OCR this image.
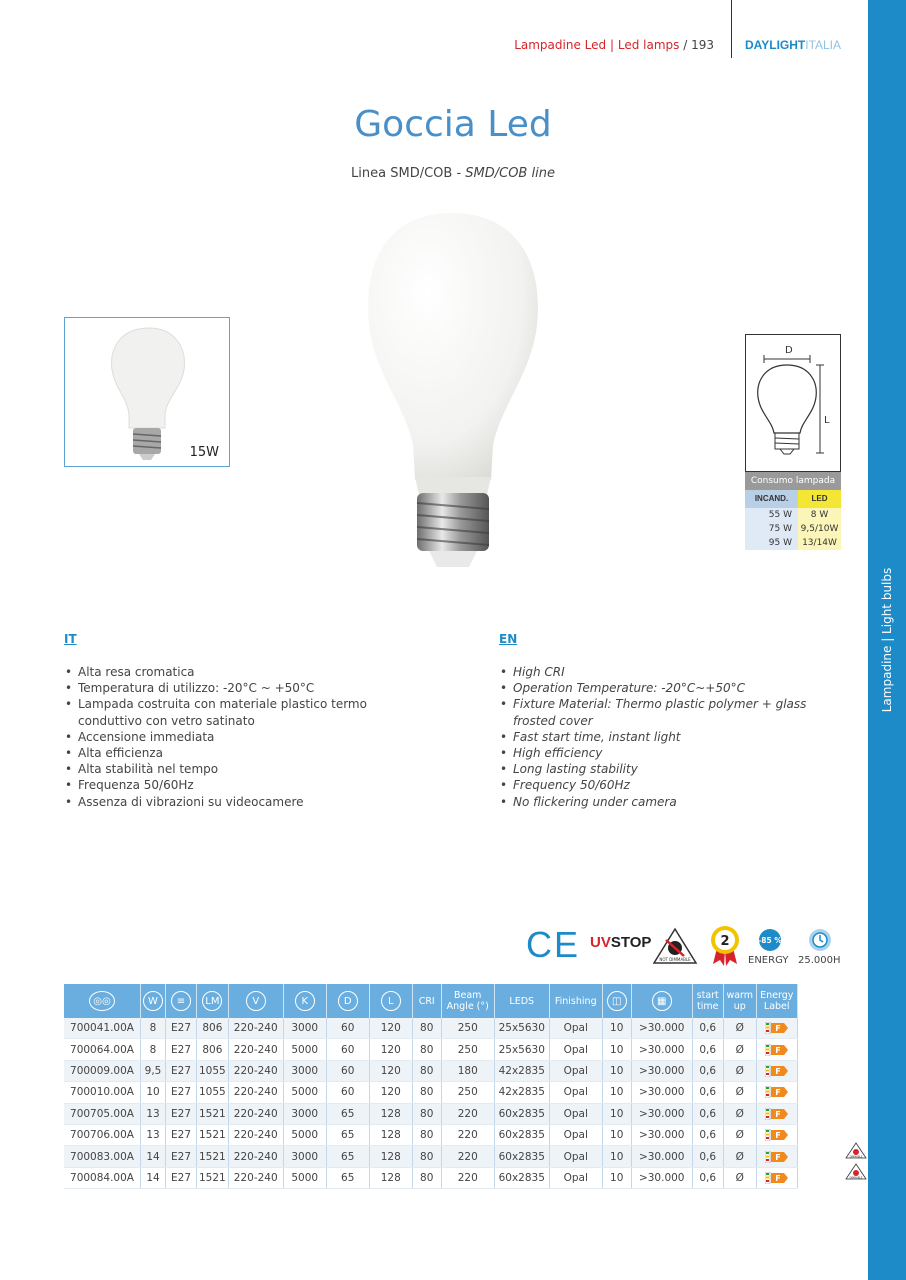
Lampadine Led | Led lamps / 193	DAYLIGHTITALIA
Lampadine | Light bulbs
Goccia Led
Linea SMD/COB - SMD/COB line
15W
D
L
Consumo lampada
INCAND.	LED
55 W	8 W
75 W 9,5/10W
95 W	13/14W
IT
• Alta resa cromatica
• Temperatura di utilizzo: -20°C ~ +50°C
• Lampada costruita con materiale plastico termo conduttivo con vetro satinato
• Accensione immediata
• Alta efficienza
• Alta stabilità nel tempo
• Frequenza 50/60Hz
• Assenza di vibrazioni su videocamere
EN
• High CRI
• Operation Temperature: -20°C~+50°C
• Fixture Material: Thermo plastic polymer + glass frosted cover
• Fast start time, instant light
• High efficiency
• Long lasting stability
• Frequency 50/60Hz
• No flickering under camera
CE UVSTOP
NOT DIMMABLE
2	-85 %
ENERGY 25.000H
◎◎	W	≡	LM	V	K	D	L	CRI	Beam Angle (°)	LEDS	Finishing	◫	▦	start time	warm up	Energy Label
700041.00A	8	E27	806	220-240	3000	60	120	80	250	25x5630	Opal	10	>30.000	0,6	Ø	F

700064.00A	8	E27	806	220-240	5000	60	120	80	250	25x5630	Opal	10	>30.000	0,6	Ø	F

700009.00A	9,5	E27	1055	220-240	3000	60	120	80	180	42x2835	Opal	10	>30.000	0,6	Ø	F

700010.00A	10	E27	1055	220-240	5000	60	120	80	250	42x2835	Opal	10	>30.000	0,6	Ø	F

700705.00A	13	E27	1521	220-240	3000	65	128	80	220	60x2835	Opal	10	>30.000	0,6	Ø	F

700706.00A	13	E27	1521	220-240	5000	65	128	80	220	60x2835	Opal	10	>30.000	0,6	Ø	F

700083.00A	14	E27	1521	220-240	3000	65	128	80	220	60x2835	Opal	10	>30.000	0,6	Ø	F

700084.00A	14	E27	1521	220-240	5000	65	128	80	220	60x2835	Opal	10	>30.000	0,6	Ø	F
DIMMABLE
DIMMABLE
